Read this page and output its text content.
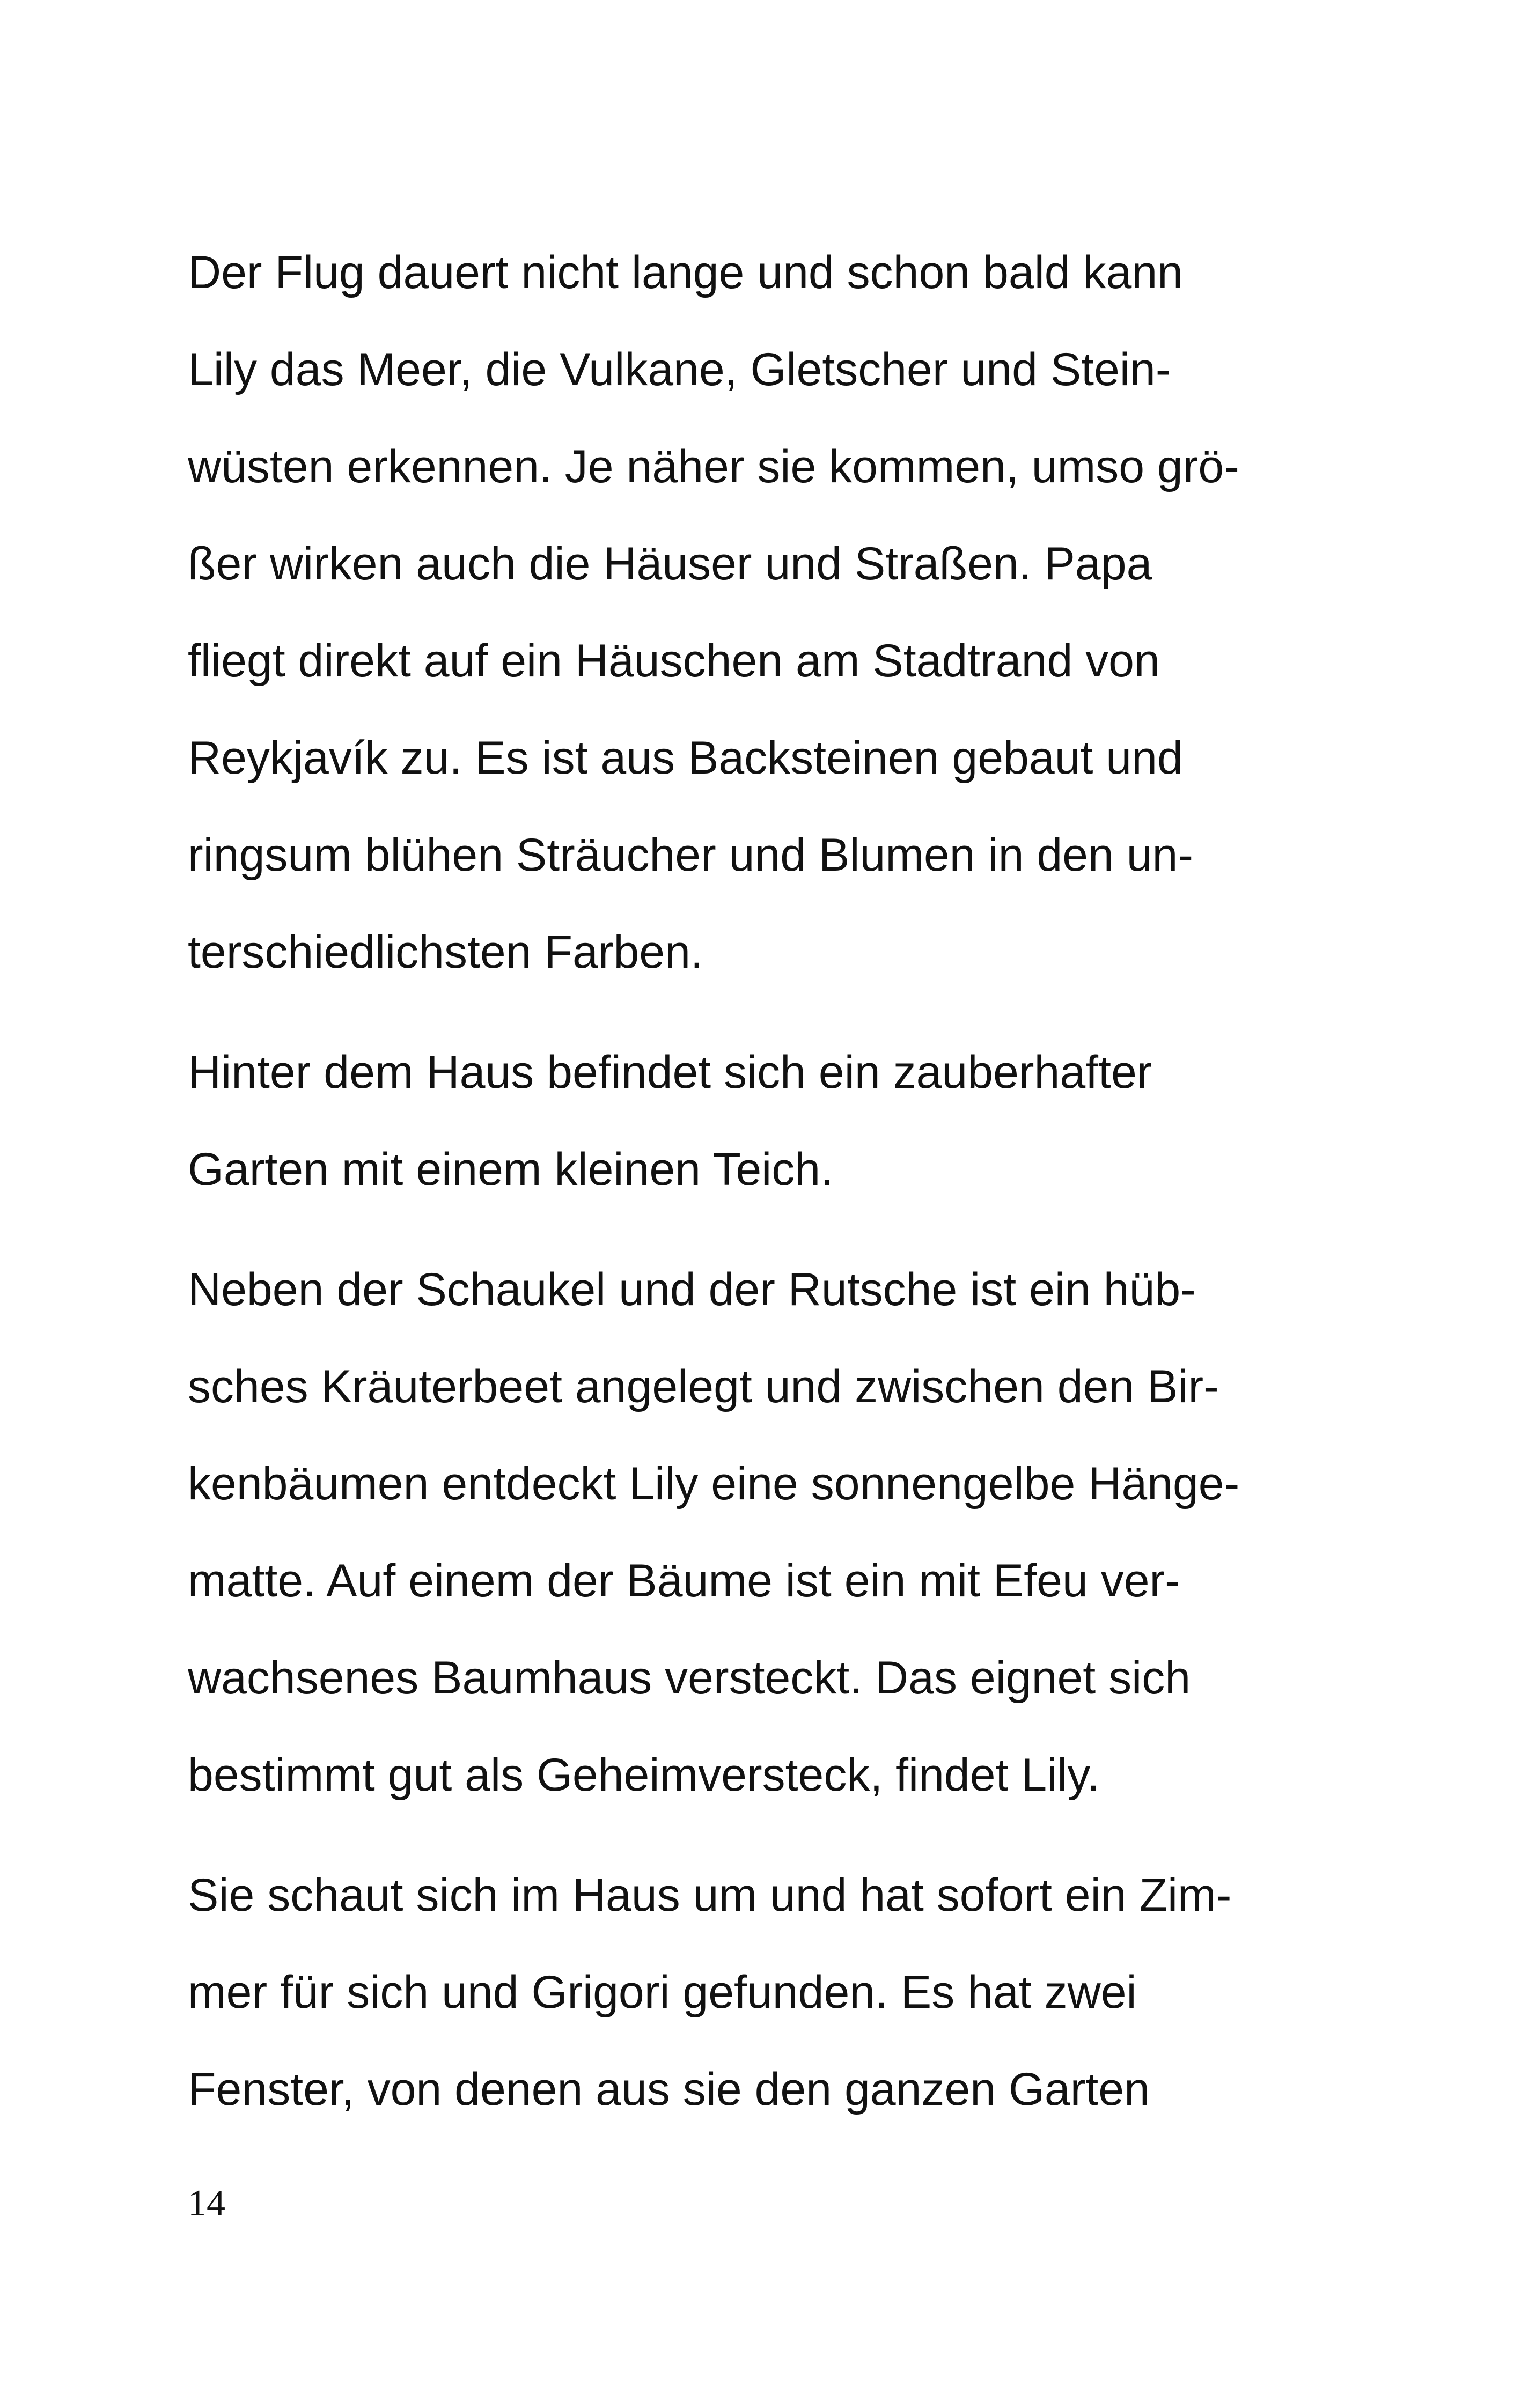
Der Flug dauert nicht lange und schon bald kann
Lily das Meer, die Vulkane, Gletscher und Stein-
wüsten erkennen. Je näher sie kommen, umso grö-
ßer wirken auch die Häuser und Straßen. Papa
fliegt direkt auf ein Häuschen am Stadtrand von
Reykjavík zu. Es ist aus Backsteinen gebaut und
ringsum blühen Sträucher und Blumen in den un-
terschiedlichsten Farben.
Hinter dem Haus befindet sich ein zauberhafter
Garten mit einem kleinen Teich.
Neben der Schaukel und der Rutsche ist ein hüb-
sches Kräuterbeet angelegt und zwischen den Bir-
kenbäumen entdeckt Lily eine sonnengelbe Hänge-
matte. Auf einem der Bäume ist ein mit Efeu ver-
wachsenes Baumhaus versteckt. Das eignet sich
bestimmt gut als Geheimversteck, findet Lily.
Sie schaut sich im Haus um und hat sofort ein Zim-
mer für sich und Grigori gefunden. Es hat zwei
Fenster, von denen aus sie den ganzen Garten
14
